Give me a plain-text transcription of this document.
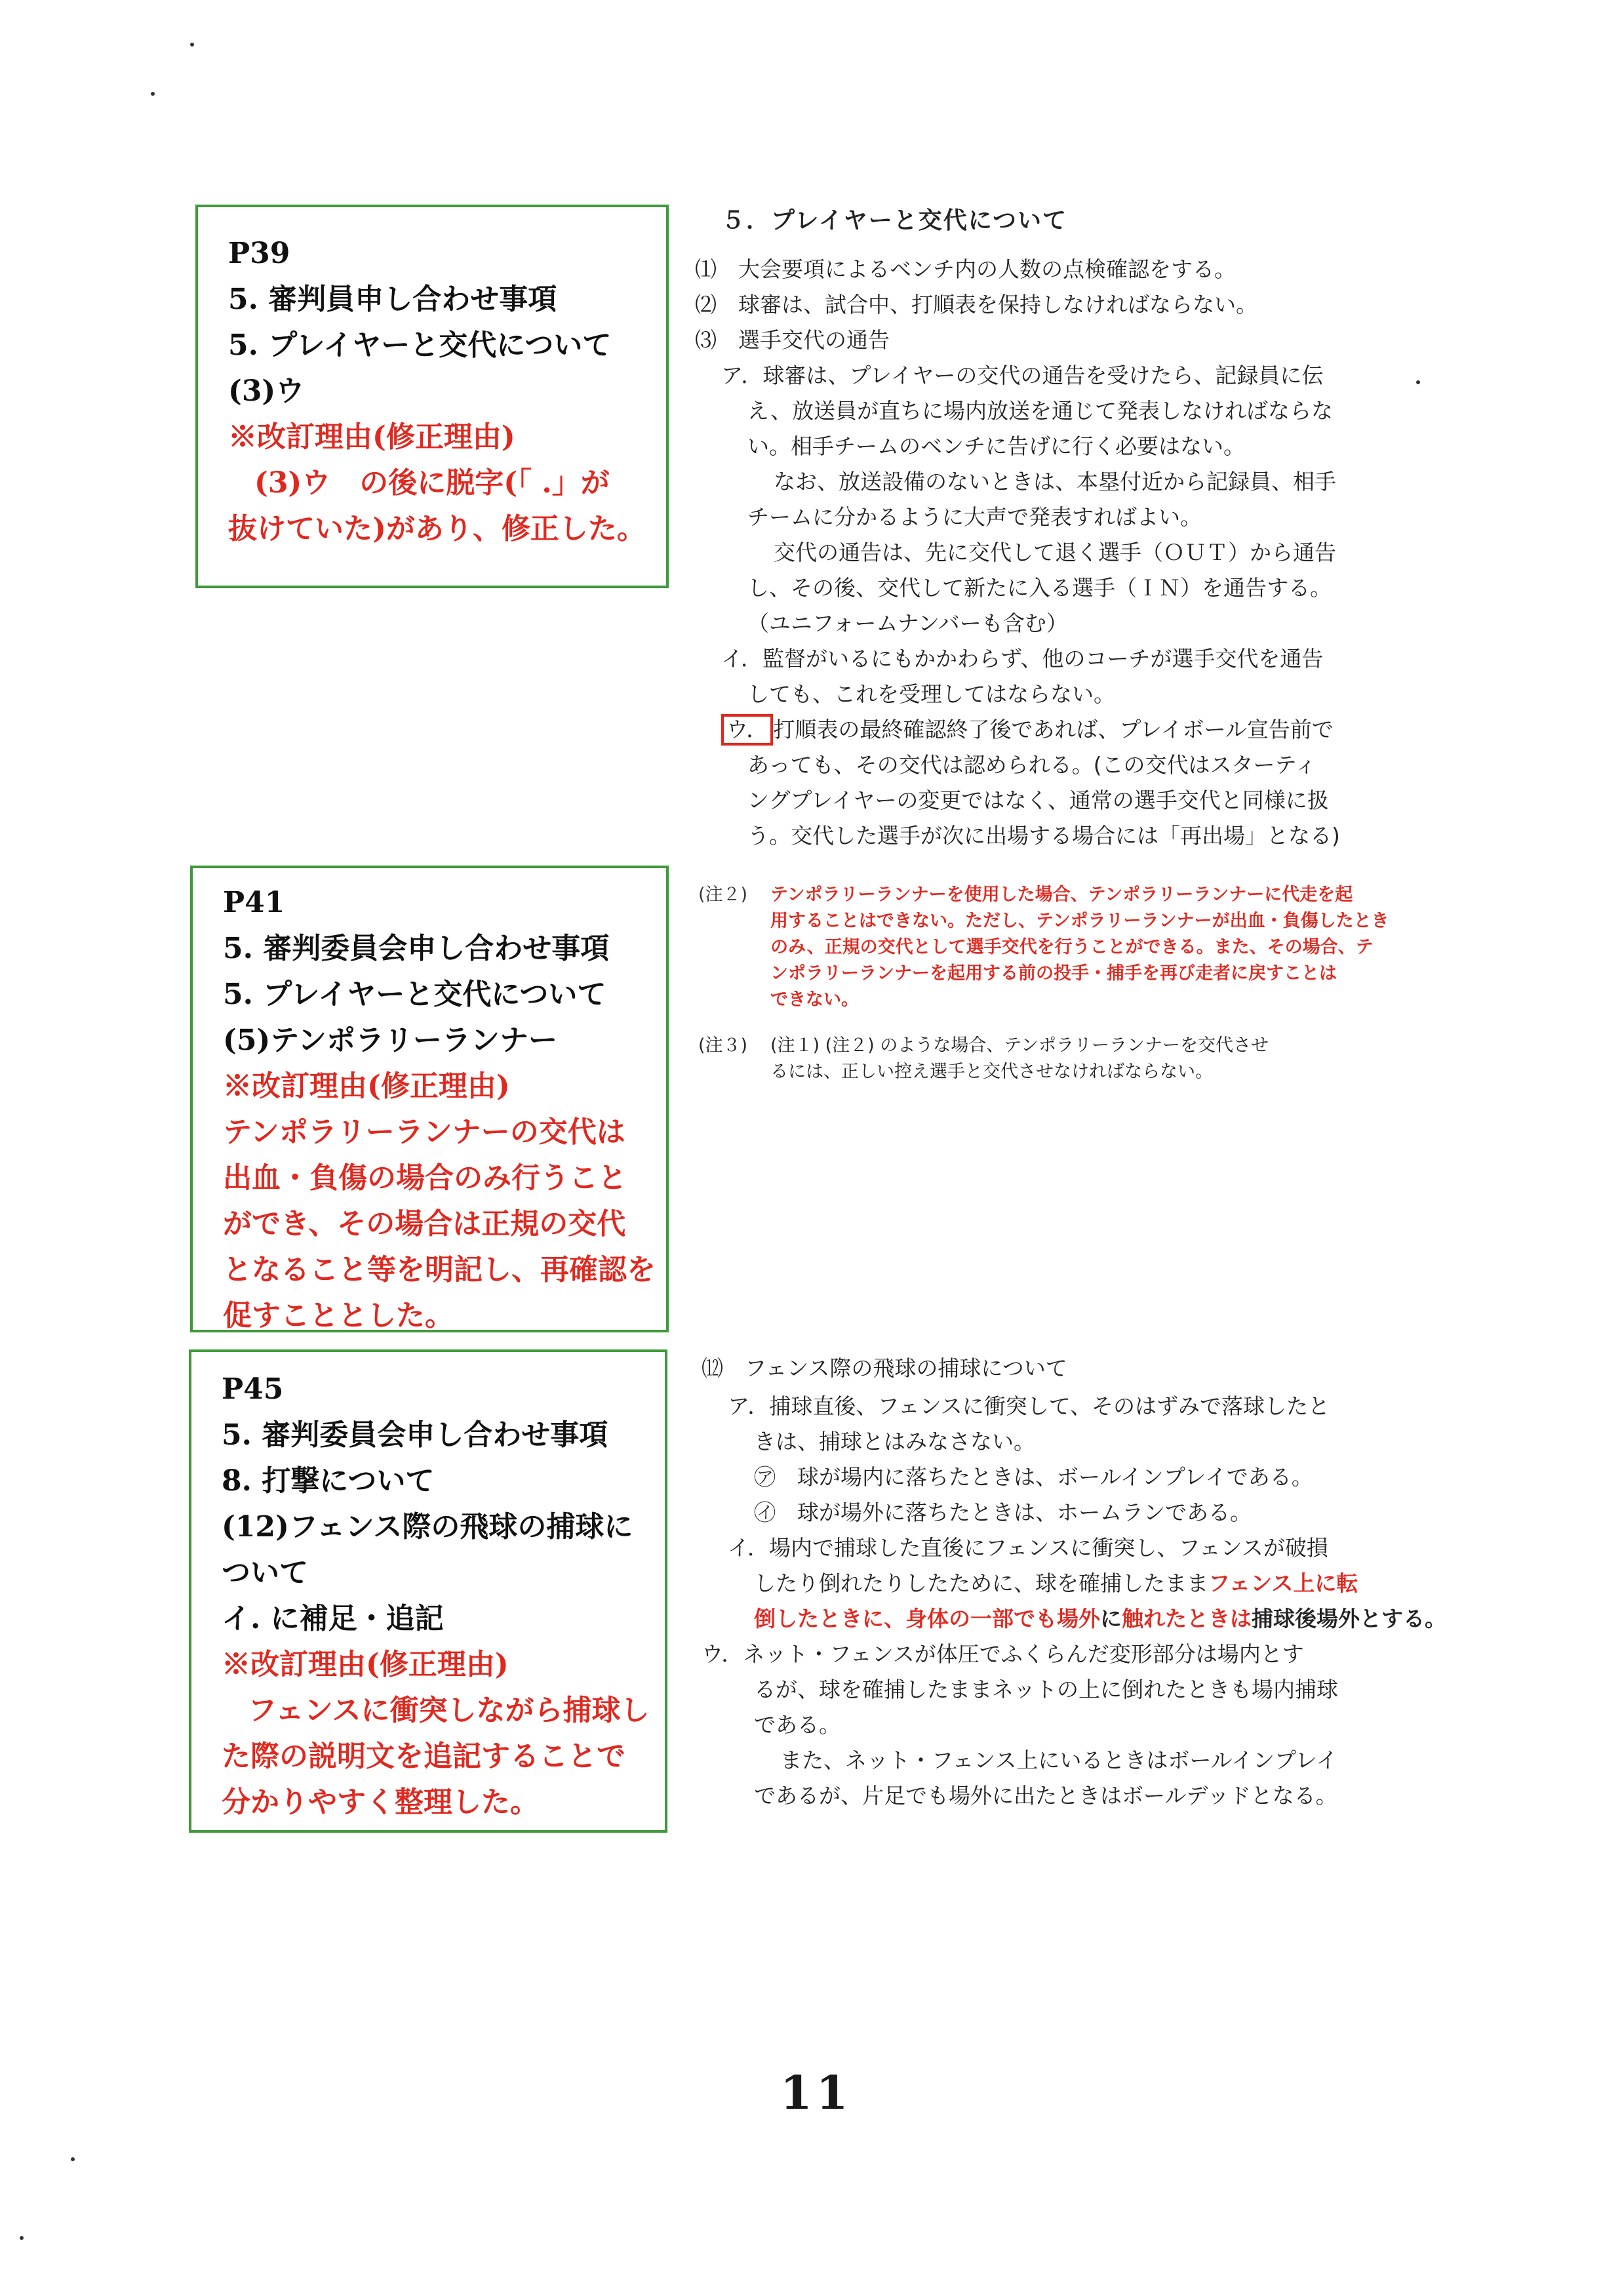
P39
5. 審判員申し合わせ事項
5. プレイヤーと交代について
(3)ウ
※改訂理由(修正理由)
(3)ウ　の後に脱字(「 .」が
抜けていた)があり、修正した。
P41
5. 審判委員会申し合わせ事項
5. プレイヤーと交代について
(5)テンポラリーランナー
※改訂理由(修正理由)
テンポラリーランナーの交代は
出血・負傷の場合のみ行うこと
ができ、その場合は正規の交代
となること等を明記し、再確認を
促すこととした。
P45
5. 審判委員会申し合わせ事項
8. 打撃について
(12)フェンス際の飛球の捕球に
ついて
イ. に補足・追記
※改訂理由(修正理由)
フェンスに衝突しながら捕球し
た際の説明文を追記することで
分かりやすく整理した。
５．プレイヤーと交代について
⑴　大会要項によるベンチ内の人数の点検確認をする。
⑵　球審は、試合中、打順表を保持しなければならない。
⑶　選手交代の通告
ア．球審は、プレイヤーの交代の通告を受けたら、記録員に伝
え、放送員が直ちに場内放送を通じて発表しなければならな
い。相手チームのベンチに告げに行く必要はない。
なお、放送設備のないときは、本塁付近から記録員、相手
チームに分かるように大声で発表すればよい。
交代の通告は、先に交代して退く選手（ＯＵＴ）から通告
し、その後、交代して新たに入る選手（ＩＮ）を通告する。
（ユニフォームナンバーも含む）
イ．監督がいるにもかかわらず、他のコーチが選手交代を通告
しても、これを受理してはならない。
ウ． 打順表の最終確認終了後であれば、プレイボール宣告前で
あっても、その交代は認められる。(この交代はスターティ
ングプレイヤーの変更ではなく、通常の選手交代と同様に扱
う。交代した選手が次に出場する場合には「再出場」となる)
(注２)	テンポラリーランナーを使用した場合、テンポラリーランナーに代走を起
用することはできない。ただし、テンポラリーランナーが出血・負傷したとき
のみ、正規の交代として選手交代を行うことができる。また、その場合、テ
ンポラリーランナーを起用する前の投手・捕手を再び走者に戻すことは
できない。
(注３)	(注１) (注２) のような場合、テンポラリーランナーを交代させ
るには、正しい控え選手と交代させなければならない。
⑿　フェンス際の飛球の捕球について
ア．捕球直後、フェンスに衝突して、そのはずみで落球したと
きは、捕球とはみなさない。
㋐　球が場内に落ちたときは、ボールインプレイである。
㋑　球が場外に落ちたときは、ホームランである。
イ．場内で捕球した直後にフェンスに衝突し、フェンスが破損
したり倒れたりしたために、球を確捕したままフェンス上に転
倒したときに、身体の一部でも場外に触れたときは捕球後場外とする。
ウ．ネット・フェンスが体圧でふくらんだ変形部分は場内とす
るが、球を確捕したままネットの上に倒れたときも場内捕球
である。
また、ネット・フェンス上にいるときはボールインプレイ
であるが、片足でも場外に出たときはボールデッドとなる。
11
